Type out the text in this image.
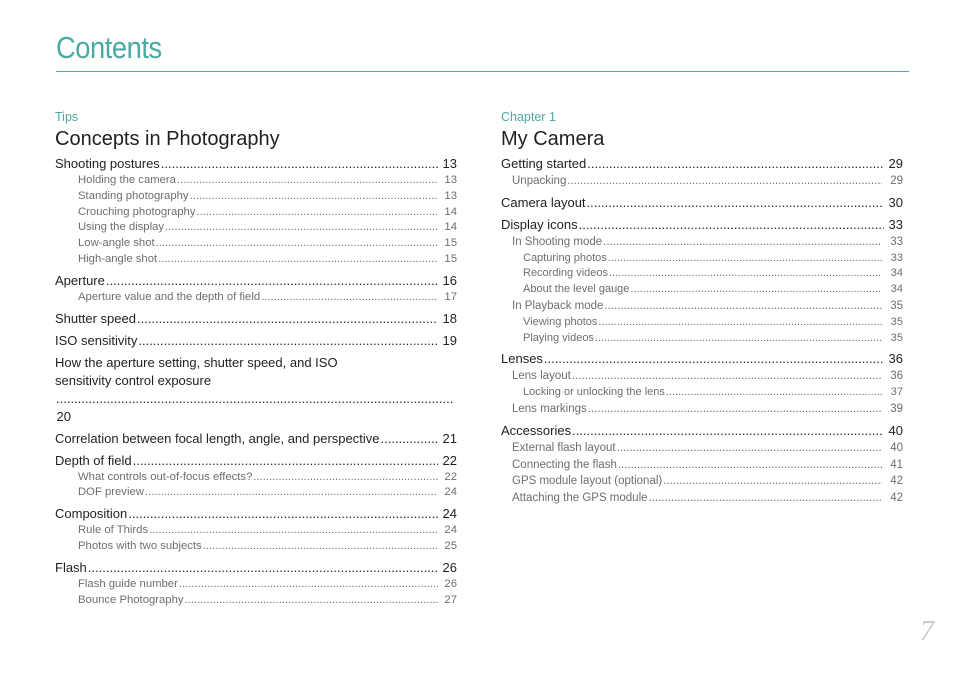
Contents
Tips
Concepts in Photography
Shooting postures .....	13
Holding the camera .....	13
Standing photography .....	13
Crouching photography .....	14
Using the display .....	14
Low-angle shot .....	15
High-angle shot .....	15
Aperture .....	16
Aperture value and the depth of field .....	17
Shutter speed .....	18
ISO sensitivity .....	19
How the aperture setting, shutter speed, and ISO
sensitivity control exposure
.....
20
Correlation between focal length, angle, and perspective .....	21
Depth of field .....	22
What controls out-of-focus effects? .....	22
DOF preview .....	24
Composition .....	24
Rule of Thirds .....	24
Photos with two subjects .....	25
Flash .....	26
Flash guide number .....	26
Bounce Photography .....	27
Chapter 1
My Camera
Getting started .....	29
Unpacking .....	29
Camera layout .....	30
Display icons .....	33
In Shooting mode .....	33
Capturing photos .....	33
Recording videos .....	34
About the level gauge .....	34
In Playback mode .....	35
Viewing photos .....	35
Playing videos .....	35
Lenses .....	36
Lens layout .....	36
Locking or unlocking the lens .....	37
Lens markings .....	39
Accessories .....	40
External flash layout .....	40
Connecting the flash .....	41
GPS module layout (optional) .....	42
Attaching the GPS module .....	42
7
